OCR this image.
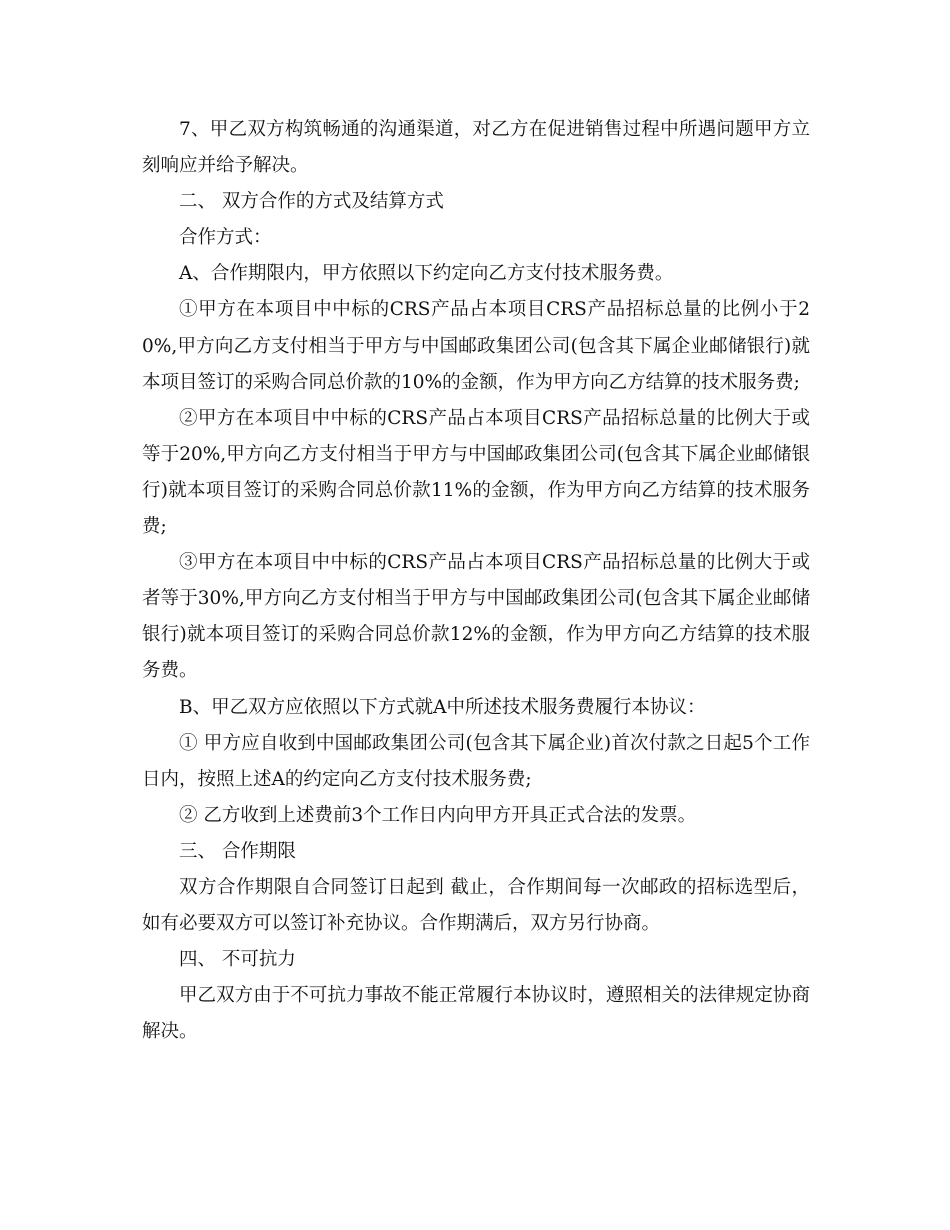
7、甲乙双方构筑畅通的沟通渠道，对乙方在促进销售过程中所遇问题甲方立刻响应并给予解决。

二、 双方合作的方式及结算方式

合作方式：

A、合作期限内，甲方依照以下约定向乙方支付技术服务费。

①甲方在本项目中中标的CRS产品占本项目CRS产品招标总量的比例小于20%,甲方向乙方支付相当于甲方与中国邮政集团公司(包含其下属企业邮储银行)就本项目签订的采购合同总价款的10%的金额，作为甲方向乙方结算的技术服务费;

②甲方在本项目中中标的CRS产品占本项目CRS产品招标总量的比例大于或等于20%,甲方向乙方支付相当于甲方与中国邮政集团公司(包含其下属企业邮储银行)就本项目签订的采购合同总价款11%的金额，作为甲方向乙方结算的技术服务费;

③甲方在本项目中中标的CRS产品占本项目CRS产品招标总量的比例大于或者等于30%,甲方向乙方支付相当于甲方与中国邮政集团公司(包含其下属企业邮储银行)就本项目签订的采购合同总价款12%的金额，作为甲方向乙方结算的技术服务费。

B、甲乙双方应依照以下方式就A中所述技术服务费履行本协议：

① 甲方应自收到中国邮政集团公司(包含其下属企业)首次付款之日起5个工作日内，按照上述A的约定向乙方支付技术服务费;

② 乙方收到上述费前3个工作日内向甲方开具正式合法的发票。

三、 合作期限

双方合作期限自合同签订日起到 截止，合作期间每一次邮政的招标选型后，如有必要双方可以签订补充协议。合作期满后，双方另行协商。

四、 不可抗力

甲乙双方由于不可抗力事故不能正常履行本协议时，遵照相关的法律规定协商解决。
